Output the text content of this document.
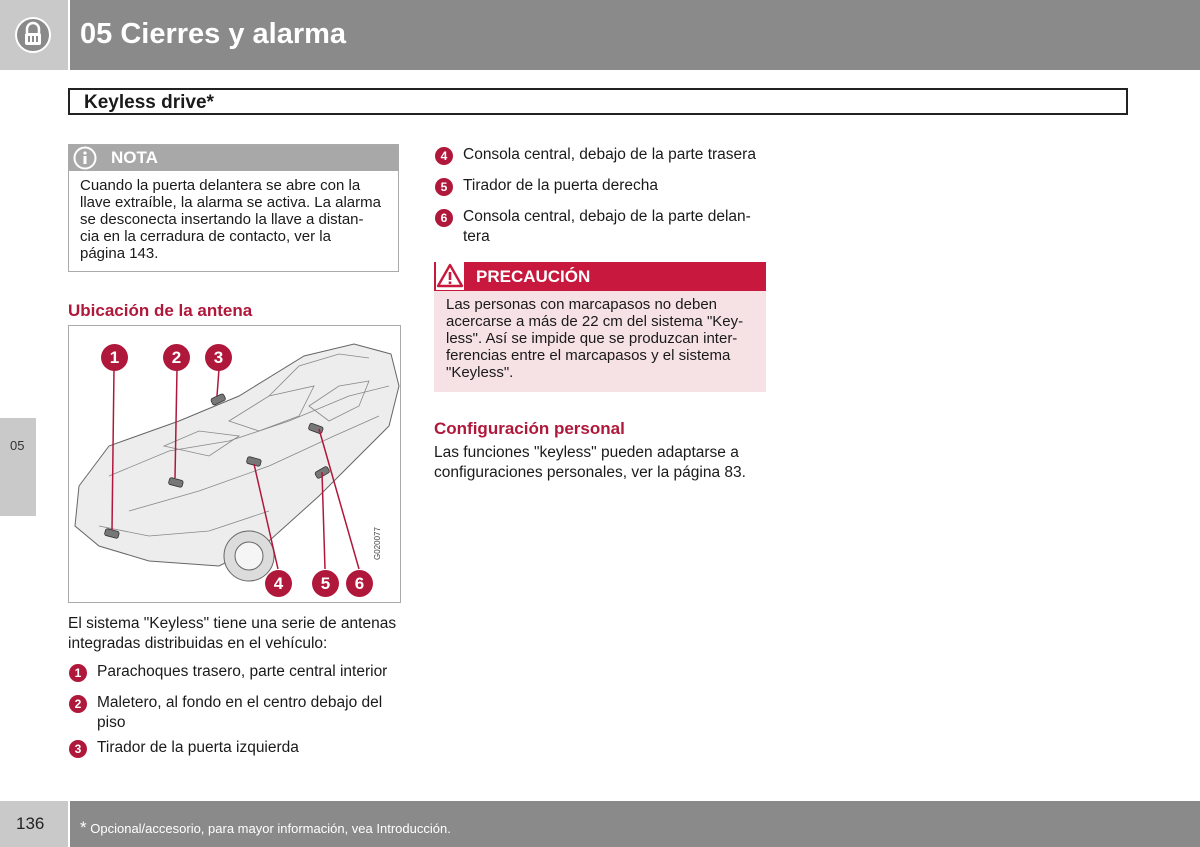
05 Cierres y alarma
Keyless drive*
05
NOTA
Cuando la puerta delantera se abre con la
llave extraíble, la alarma se activa. La alarma
se desconecta insertando la llave a distan-
cia en la cerradura de contacto, ver la
página 143.
Ubicación de la antena
1	2	3
4	5	6
G020077
El sistema "Keyless" tiene una serie de antenas
integradas distribuidas en el vehículo:
1	Parachoques trasero, parte central interior
2	Maletero, al fondo en el centro debajo del
piso
3	Tirador de la puerta izquierda
4	Consola central, debajo de la parte trasera
5	Tirador de la puerta derecha
6	Consola central, debajo de la parte delan-
tera
PRECAUCIÓN
Las personas con marcapasos no deben
acercarse a más de 22 cm del sistema "Key-
less". Así se impide que se produzcan inter-
ferencias entre el marcapasos y el sistema
"Keyless".
Configuración personal
Las funciones "keyless" pueden adaptarse a
configuraciones personales, ver la página 83.
136 * Opcional/accesorio, para mayor información, vea Introducción.
